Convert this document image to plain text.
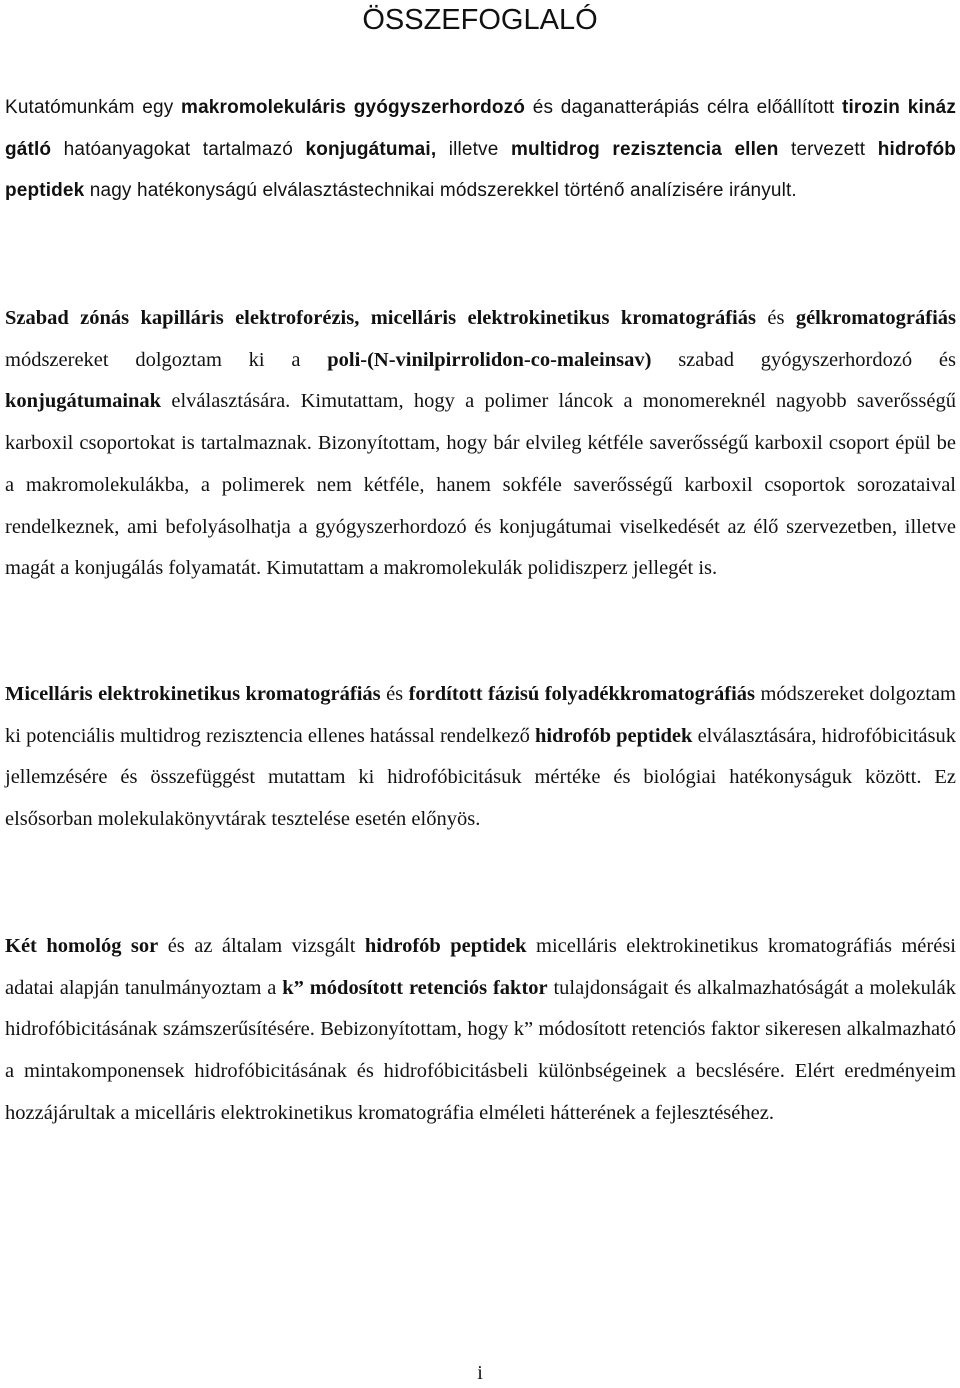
ÖSSZEFOGLALÓ

Kutatómunkám egy makromolekuláris gyógyszerhordozó és daganatterápiás célra előállított tirozin kináz gátló hatóanyagokat tartalmazó konjugátumai, illetve multidrog rezisztencia ellen tervezett hidrofób peptidek nagy hatékonyságú elválasztástechnikai módszerekkel történő analízisére irányult.

Szabad zónás kapilláris elektroforézis, micelláris elektrokinetikus kromatográfiás és gélkromatográfiás módszereket dolgoztam ki a poli-(N-vinilpirrolidon-co-maleinsav) szabad gyógyszerhordozó és konjugátumainak elválasztására. Kimutattam, hogy a polimer láncok a monomereknél nagyobb saverősségű karboxil csoportokat is tartalmaznak. Bizonyítottam, hogy bár elvileg kétféle saverősségű karboxil csoport épül be a makromolekulákba, a polimerek nem kétféle, hanem sokféle saverősségű karboxil csoportok sorozataival rendelkeznek, ami befolyásolhatja a gyógyszerhordozó és konjugátumai viselkedését az élő szervezetben, illetve magát a konjugálás folyamatát. Kimutattam a makromolekulák polidiszperz jellegét is.

Micelláris elektrokinetikus kromatográfiás és fordított fázisú folyadékkromatográfiás módszereket dolgoztam ki potenciális multidrog rezisztencia ellenes hatással rendelkező hidrofób peptidek elválasztására, hidrofóbicitásuk jellemzésére és összefüggést mutattam ki hidrofóbicitásuk mértéke és biológiai hatékonyságuk között. Ez elsősorban molekulakönyvtárak tesztelése esetén előnyös.

Két homológ sor és az általam vizsgált hidrofób peptidek micelláris elektrokinetikus kromatográfiás mérési adatai alapján tanulmányoztam a k” módosított retenciós faktor tulajdonságait és alkalmazhatóságát a molekulák hidrofóbicitásának számszerűsítésére. Bebizonyítottam, hogy k” módosított retenciós faktor sikeresen alkalmazható a mintakomponensek hidrofóbicitásának és hidrofóbicitásbeli különbségeinek a becslésére. Elért eredményeim hozzájárultak a micelláris elektrokinetikus kromatográfia elméleti hátterének a fejlesztéséhez.

i
